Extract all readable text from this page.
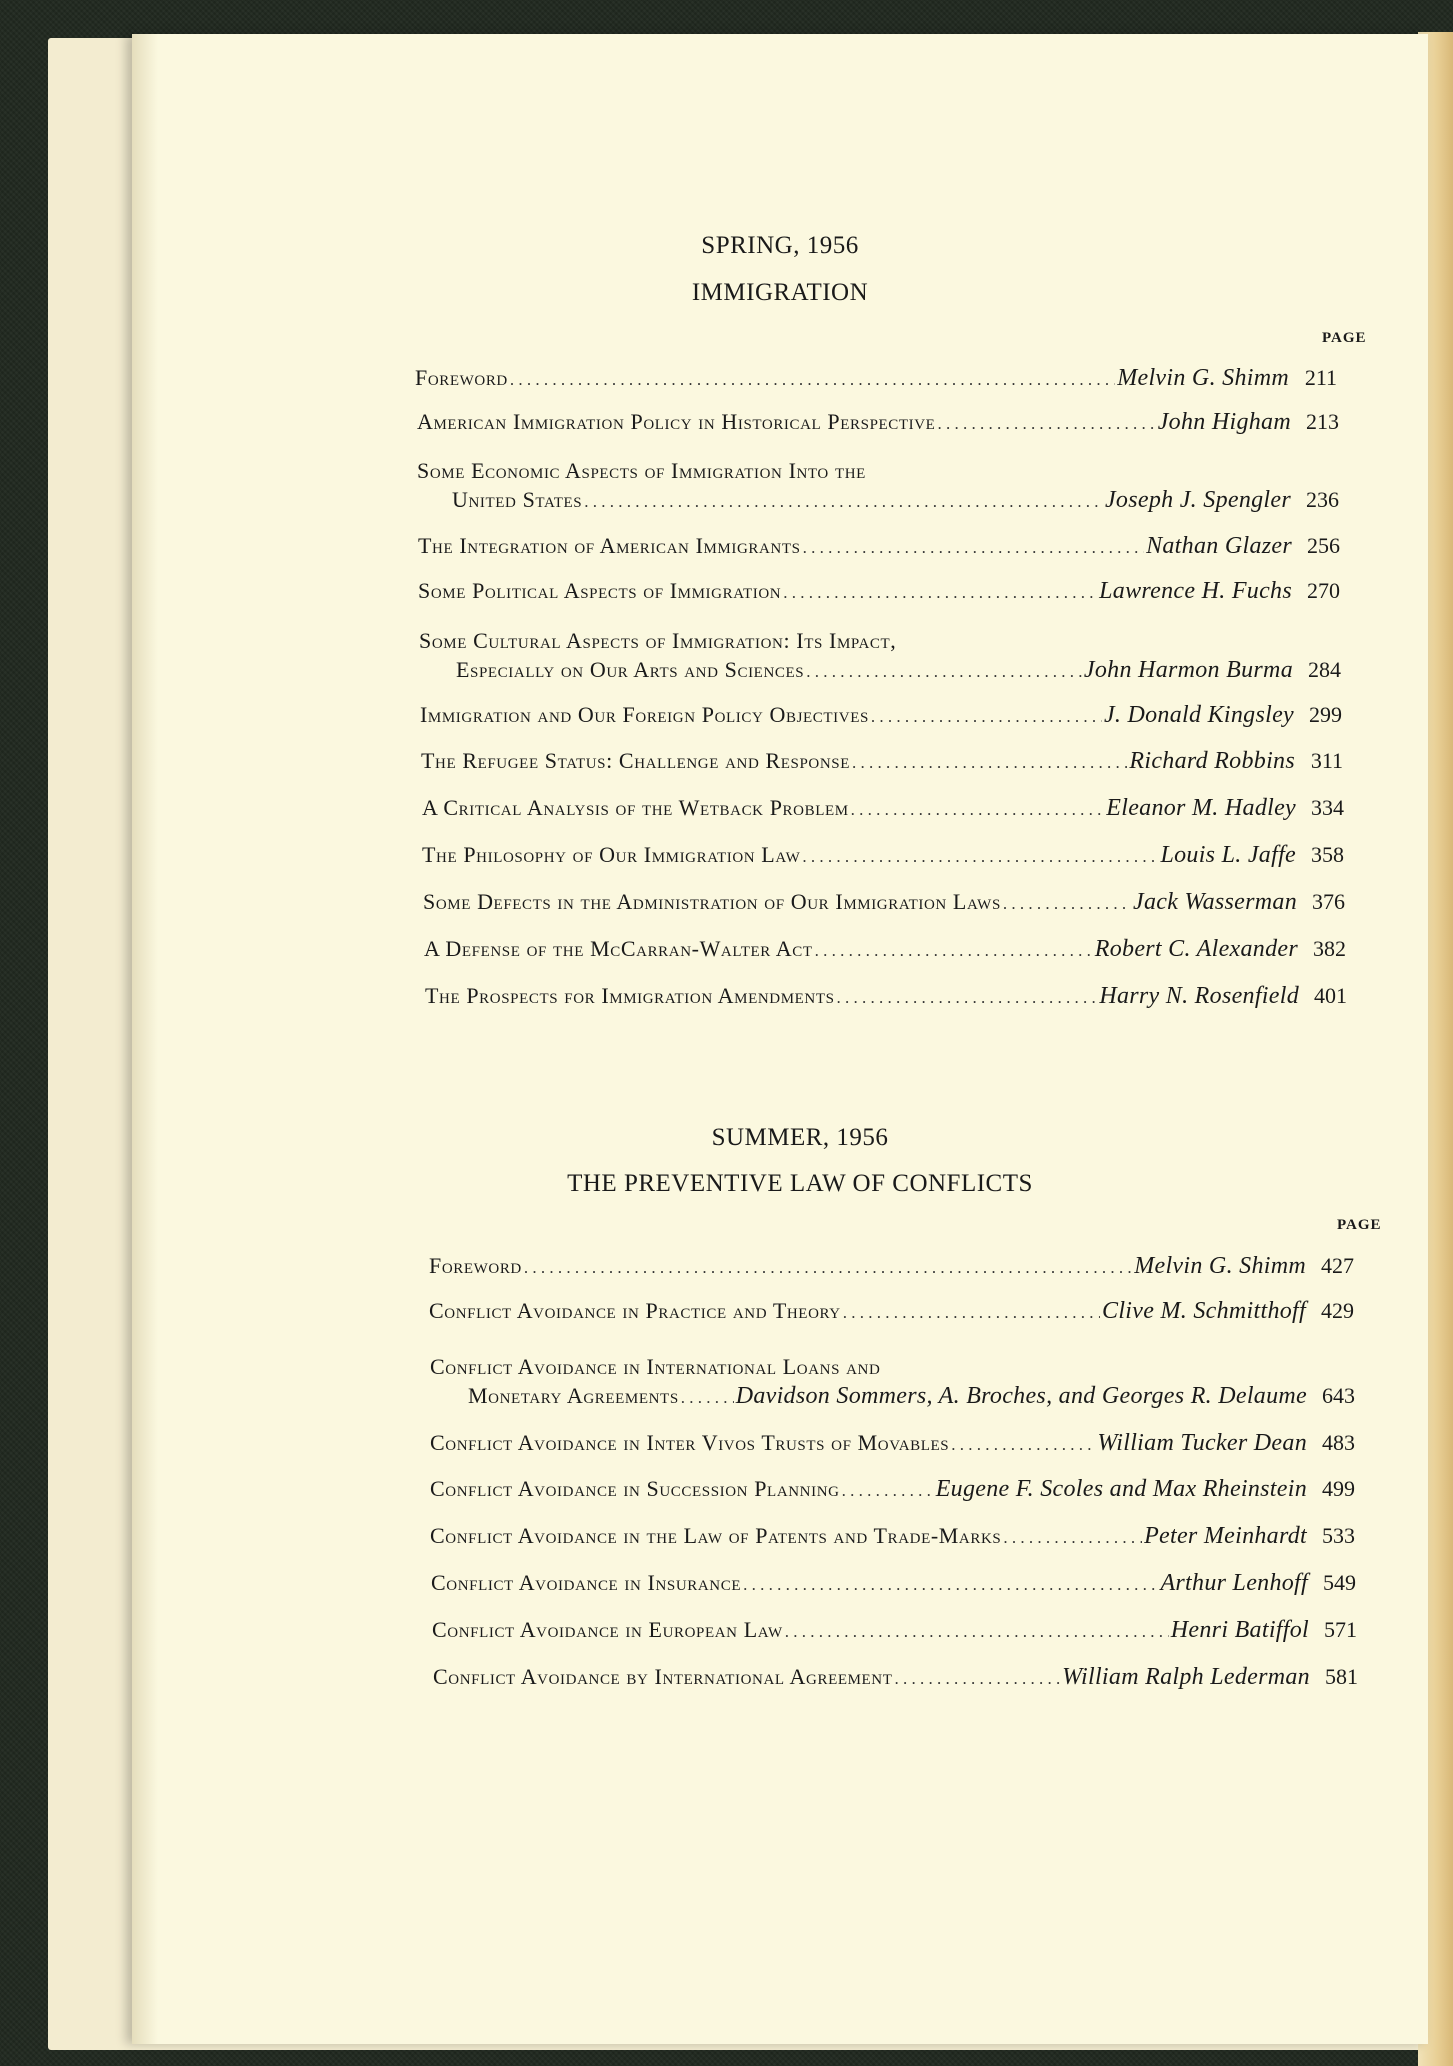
SPRING, 1956
IMMIGRATION
PAGE
Foreword . . .	Melvin G. Shimm 211
American Immigration Policy in Historical Perspective . . .	John Higham 213
Some Economic Aspects of Immigration Into the
United States . . .	Joseph J. Spengler 236
The Integration of American Immigrants . . .	Nathan Glazer 256
Some Political Aspects of Immigration . . .	Lawrence H. Fuchs 270
Some Cultural Aspects of Immigration: Its Impact,
Especially on Our Arts and Sciences . . .	John Harmon Burma 284
Immigration and Our Foreign Policy Objectives . . .	J. Donald Kingsley 299
The Refugee Status: Challenge and Response . . .	Richard Robbins 311
A Critical Analysis of the Wetback Problem . . .	Eleanor M. Hadley 334
The Philosophy of Our Immigration Law . . .	Louis L. Jaffe 358
Some Defects in the Administration of Our Immigration Laws . . .	Jack Wasserman 376
A Defense of the McCarran-Walter Act . . .	Robert C. Alexander 382
The Prospects for Immigration Amendments . . .	Harry N. Rosenfield 401
SUMMER, 1956
THE PREVENTIVE LAW OF CONFLICTS
PAGE
Foreword . . .	Melvin G. Shimm 427
Conflict Avoidance in Practice and Theory . . .	Clive M. Schmitthoff 429
Conflict Avoidance in International Loans and
Monetary Agreements . . . Davidson Sommers, A. Broches, and Georges R. Delaume 643
Conflict Avoidance in Inter Vivos Trusts of Movables . . .	William Tucker Dean 483
Conflict Avoidance in Succession Planning . . .	Eugene F. Scoles and Max Rheinstein 499
Conflict Avoidance in the Law of Patents and Trade-Marks . . .	Peter Meinhardt 533
Conflict Avoidance in Insurance . . .	Arthur Lenhoff 549
Conflict Avoidance in European Law . . .	Henri Batiffol 571
Conflict Avoidance by International Agreement . . .	William Ralph Lederman 581
